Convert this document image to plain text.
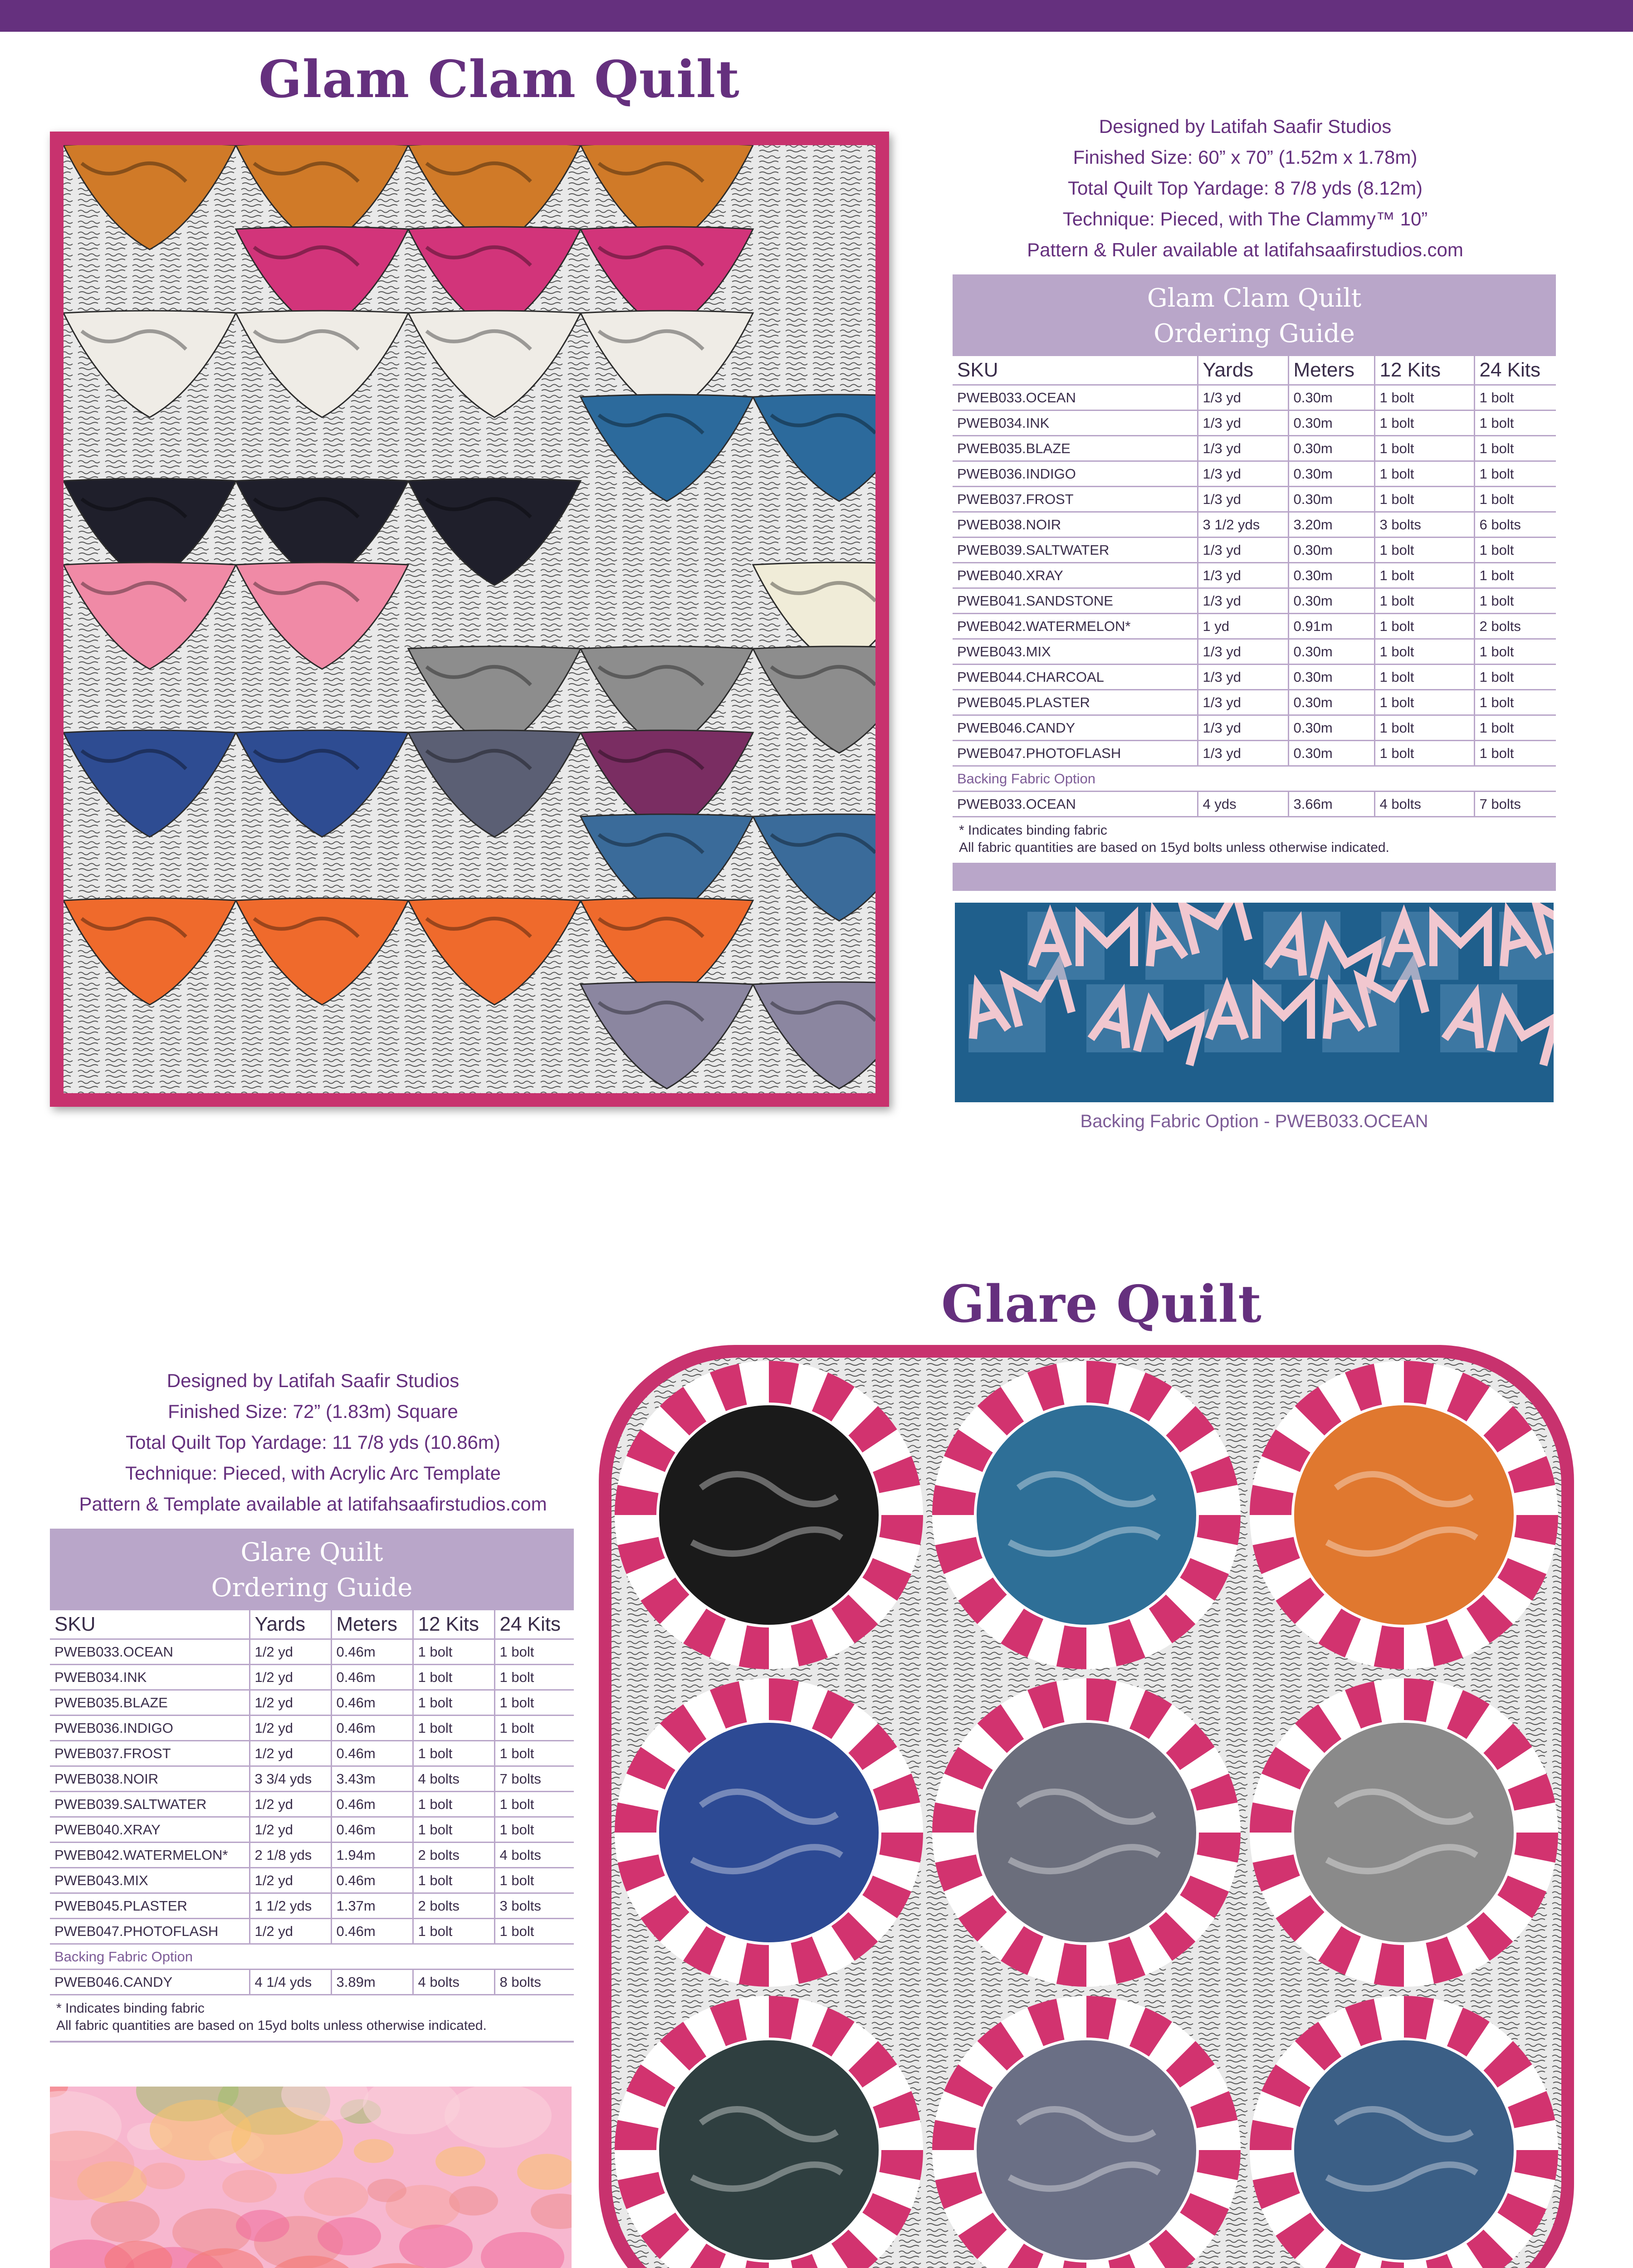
Glam Clam Quilt
Designed by Latifah Saafir Studios
Finished Size: 60” x 70” (1.52m x 1.78m)
Total Quilt Top Yardage: 8 7/8 yds (8.12m)
Technique: Pieced, with The Clammy™ 10”
Pattern & Ruler available at latifahsaafirstudios.com
Glam Clam Quilt
Ordering Guide
SKU	Yards	Meters	12 Kits	24 Kits
PWEB033.OCEAN	1/3 yd	0.30m	1 bolt	1 bolt
PWEB034.INK	1/3 yd	0.30m	1 bolt	1 bolt
PWEB035.BLAZE	1/3 yd	0.30m	1 bolt	1 bolt
PWEB036.INDIGO	1/3 yd	0.30m	1 bolt	1 bolt
PWEB037.FROST	1/3 yd	0.30m	1 bolt	1 bolt
PWEB038.NOIR	3 1/2 yds	3.20m	3 bolts	6 bolts
PWEB039.SALTWATER	1/3 yd	0.30m	1 bolt	1 bolt
PWEB040.XRAY	1/3 yd	0.30m	1 bolt	1 bolt
PWEB041.SANDSTONE	1/3 yd	0.30m	1 bolt	1 bolt
PWEB042.WATERMELON*	1 yd	0.91m	1 bolt	2 bolts
PWEB043.MIX	1/3 yd	0.30m	1 bolt	1 bolt
PWEB044.CHARCOAL	1/3 yd	0.30m	1 bolt	1 bolt
PWEB045.PLASTER	1/3 yd	0.30m	1 bolt	1 bolt
PWEB046.CANDY	1/3 yd	0.30m	1 bolt	1 bolt
PWEB047.PHOTOFLASH	1/3 yd	0.30m	1 bolt	1 bolt
Backing Fabric Option				
PWEB033.OCEAN	4 yds	3.66m	4 bolts	7 bolts
* Indicates binding fabric
All fabric quantities are based on 15yd bolts unless otherwise indicated.
Backing Fabric Option - PWEB033.OCEAN
Glare Quilt
Designed by Latifah Saafir Studios
Finished Size: 72” (1.83m) Square
Total Quilt Top Yardage: 11 7/8 yds (10.86m)
Technique: Pieced, with Acrylic Arc Template
Pattern & Template available at latifahsaafirstudios.com
Glare Quilt
Ordering Guide
SKU	Yards	Meters	12 Kits	24 Kits
PWEB033.OCEAN	1/2 yd	0.46m	1 bolt	1 bolt
PWEB034.INK	1/2 yd	0.46m	1 bolt	1 bolt
PWEB035.BLAZE	1/2 yd	0.46m	1 bolt	1 bolt
PWEB036.INDIGO	1/2 yd	0.46m	1 bolt	1 bolt
PWEB037.FROST	1/2 yd	0.46m	1 bolt	1 bolt
PWEB038.NOIR	3 3/4 yds	3.43m	4 bolts	7 bolts
PWEB039.SALTWATER	1/2 yd	0.46m	1 bolt	1 bolt
PWEB040.XRAY	1/2 yd	0.46m	1 bolt	1 bolt
PWEB042.WATERMELON*	2 1/8 yds	1.94m	2 bolts	4 bolts
PWEB043.MIX	1/2 yd	0.46m	1 bolt	1 bolt
PWEB045.PLASTER	1 1/2 yds	1.37m	2 bolts	3 bolts
PWEB047.PHOTOFLASH	1/2 yd	0.46m	1 bolt	1 bolt
Backing Fabric Option				
PWEB046.CANDY	4 1/4 yds	3.89m	4 bolts	8 bolts
* Indicates binding fabric
All fabric quantities are based on 15yd bolts unless otherwise indicated.
